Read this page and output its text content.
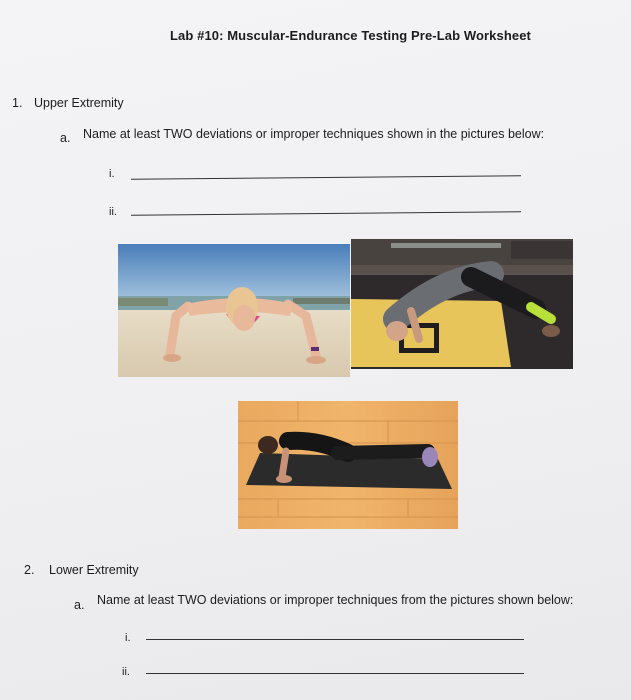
Lab #10: Muscular-Endurance Testing Pre-Lab Worksheet
1. Upper Extremity
a. Name at least TWO deviations or improper techniques shown in the pictures below:
i.
ii.
2. Lower Extremity
a. Name at least TWO deviations or improper techniques from the pictures shown below:
i.
ii.
